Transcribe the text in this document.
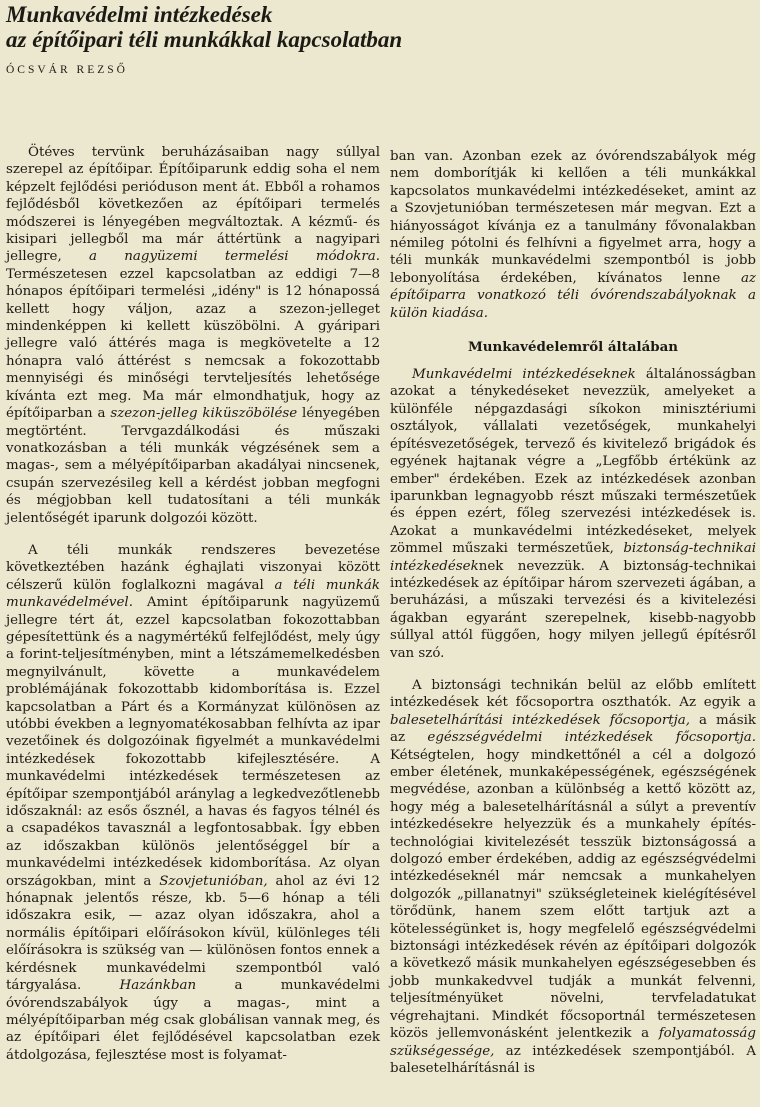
Munkavédelmi intézkedések
az építőipari téli munkákkal kapcsolatban
ÓCSVÁR REZSŐ

Ötéves tervünk beruházásaiban nagy súllyal szerepel az építőipar. Építőiparunk eddig soha el nem képzelt fejlődési perióduson ment át. Ebből a rohamos fejlődésből következően az építőipari termelés módszerei is lényegében megváltoztak. A kézmű- és kisipari jellegből ma már áttértünk a nagyipari jellegre, a nagyüzemi termelési módokra. Természetesen ezzel kapcsolatban az eddigi 7—8 hónapos építőipari termelési „idény" is 12 hónapossá kellett hogy váljon, azaz a szezon-jelleget mindenképpen ki kellett küszöbölni. A gyáripari jellegre való áttérés maga is megkövetelte a 12 hónapra való áttérést s nemcsak a fokozottabb mennyiségi és minőségi tervteljesítés lehetősége kívánta ezt meg. Ma már elmondhatjuk, hogy az építőiparban a szezon-jelleg kiküszöbölése lényegében megtörtént. Tervgazdálkodási és műszaki vonatkozásban a téli munkák végzésének sem a magas-, sem a mélyépítőiparban akadályai nincsenek, csupán szervezésileg kell a kérdést jobban megfogni és mégjobban kell tudatosítani a téli munkák jelentőségét iparunk dolgozói között.

A téli munkák rendszeres bevezetése következtében hazánk éghajlati viszonyai között célszerű külön foglalkozni magával a téli munkák munkavédelmével. Amint építőiparunk nagyüzemű jellegre tért át, ezzel kapcsolatban fokozottabban gépesítettünk és a nagymértékű felfejlődést, mely úgy a forint-teljesítményben, mint a létszámemelkedésben megnyilvánult, követte a munkavédelem problémájának fokozottabb kidomborítása is. Ezzel kapcsolatban a Párt és a Kormányzat különösen az utóbbi években a legnyomatékosabban felhívta az ipar vezetőinek és dolgozóinak figyelmét a munkavédelmi intézkedések fokozottabb kifejlesztésére. A munkavédelmi intézkedések természetesen az építőipar szempontjából aránylag a legkedvezőtlenebb időszaknál: az esős ősznél, a havas és fagyos télnél és a csapadékos tavasznál a legfontosabbak. Így ebben az időszakban különös jelentőséggel bír a munkavédelmi intézkedések kidomborítása. Az olyan országokban, mint a Szovjetunióban, ahol az évi 12 hónapnak jelentős része, kb. 5—6 hónap a téli időszakra esik, — azaz olyan időszakra, ahol a normális építőipari előírásokon kívül, különleges téli előírásokra is szükség van — különösen fontos ennek a kérdésnek munkavédelmi szempontból való tárgyalása. Hazánkban a munkavédelmi óvórendszabályok úgy a magas-, mint a mélyépítőiparban még csak globálisan vannak meg, és az építőipari élet fejlődésével kapcsolatban ezek átdolgozása, fejlesztése most is folyamat-

ban van. Azonban ezek az óvórendszabályok még nem domborítják ki kellően a téli munkákkal kapcsolatos munkavédelmi intézkedéseket, amint az a Szovjetunióban természetesen már megvan. Ezt a hiányosságot kívánja ez a tanulmány fővonalakban némileg pótolni és felhívni a figyelmet arra, hogy a téli munkák munkavédelmi szempontból is jobb lebonyolítása érdekében, kívánatos lenne az építőiparra vonatkozó téli óvórendszabályoknak a külön kiadása.

Munkavédelemről általában

Munkavédelmi intézkedéseknek általánosságban azokat a ténykedéseket nevezzük, amelyeket a különféle népgazdasági síkokon minisztériumi osztályok, vállalati vezetőségek, munkahelyi építésvezetőségek, tervező és kivitelező brigádok és egyének hajtanak végre a „Legfőbb értékünk az ember" érdekében. Ezek az intézkedések azonban iparunkban legnagyobb részt műszaki természetűek és éppen ezért, főleg szervezési intézkedések is. Azokat a munkavédelmi intézkedéseket, melyek zömmel műszaki természetűek, biztonság-technikai intézkedéseknek nevezzük. A biztonság-technikai intézkedések az építőipar három szervezeti ágában, a beruházási, a műszaki tervezési és a kivitelezési ágakban egyaránt szerepelnek, kisebb-nagyobb súllyal attól függően, hogy milyen jellegű építésről van szó.

A biztonsági technikán belül az előbb említett intézkedések két főcsoportra oszthatók. Az egyik a balesetelhárítási intézkedések főcsoportja, a másik az egészségvédelmi intézkedések főcsoportja. Kétségtelen, hogy mindkettőnél a cél a dolgozó ember életének, munkaképességének, egészségének megvédése, azonban a különbség a kettő között az, hogy még a balesetelhárításnál a súlyt a preventív intézkedésekre helyezzük és a munkahely építés-technológiai kivitelezését tesszük biztonságossá a dolgozó ember érdekében, addig az egészségvédelmi intézkedéseknél már nemcsak a munkahelyen dolgozók „pillanatnyi" szükségleteinek kielégítésével törődünk, hanem szem előtt tartjuk azt a kötelességünket is, hogy megfelelő egészségvédelmi biztonsági intézkedések révén az építőipari dolgozók a következő másik munkahelyen egészségesebben és jobb munkakedvvel tudják a munkát felvenni, teljesítményüket növelni, tervfeladatukat végrehajtani. Mindkét főcsoportnál természetesen közös jellemvonásként jelentkezik a folyamatosság szükségessége, az intézkedések szempontjából. A balesetelhárításnál is
